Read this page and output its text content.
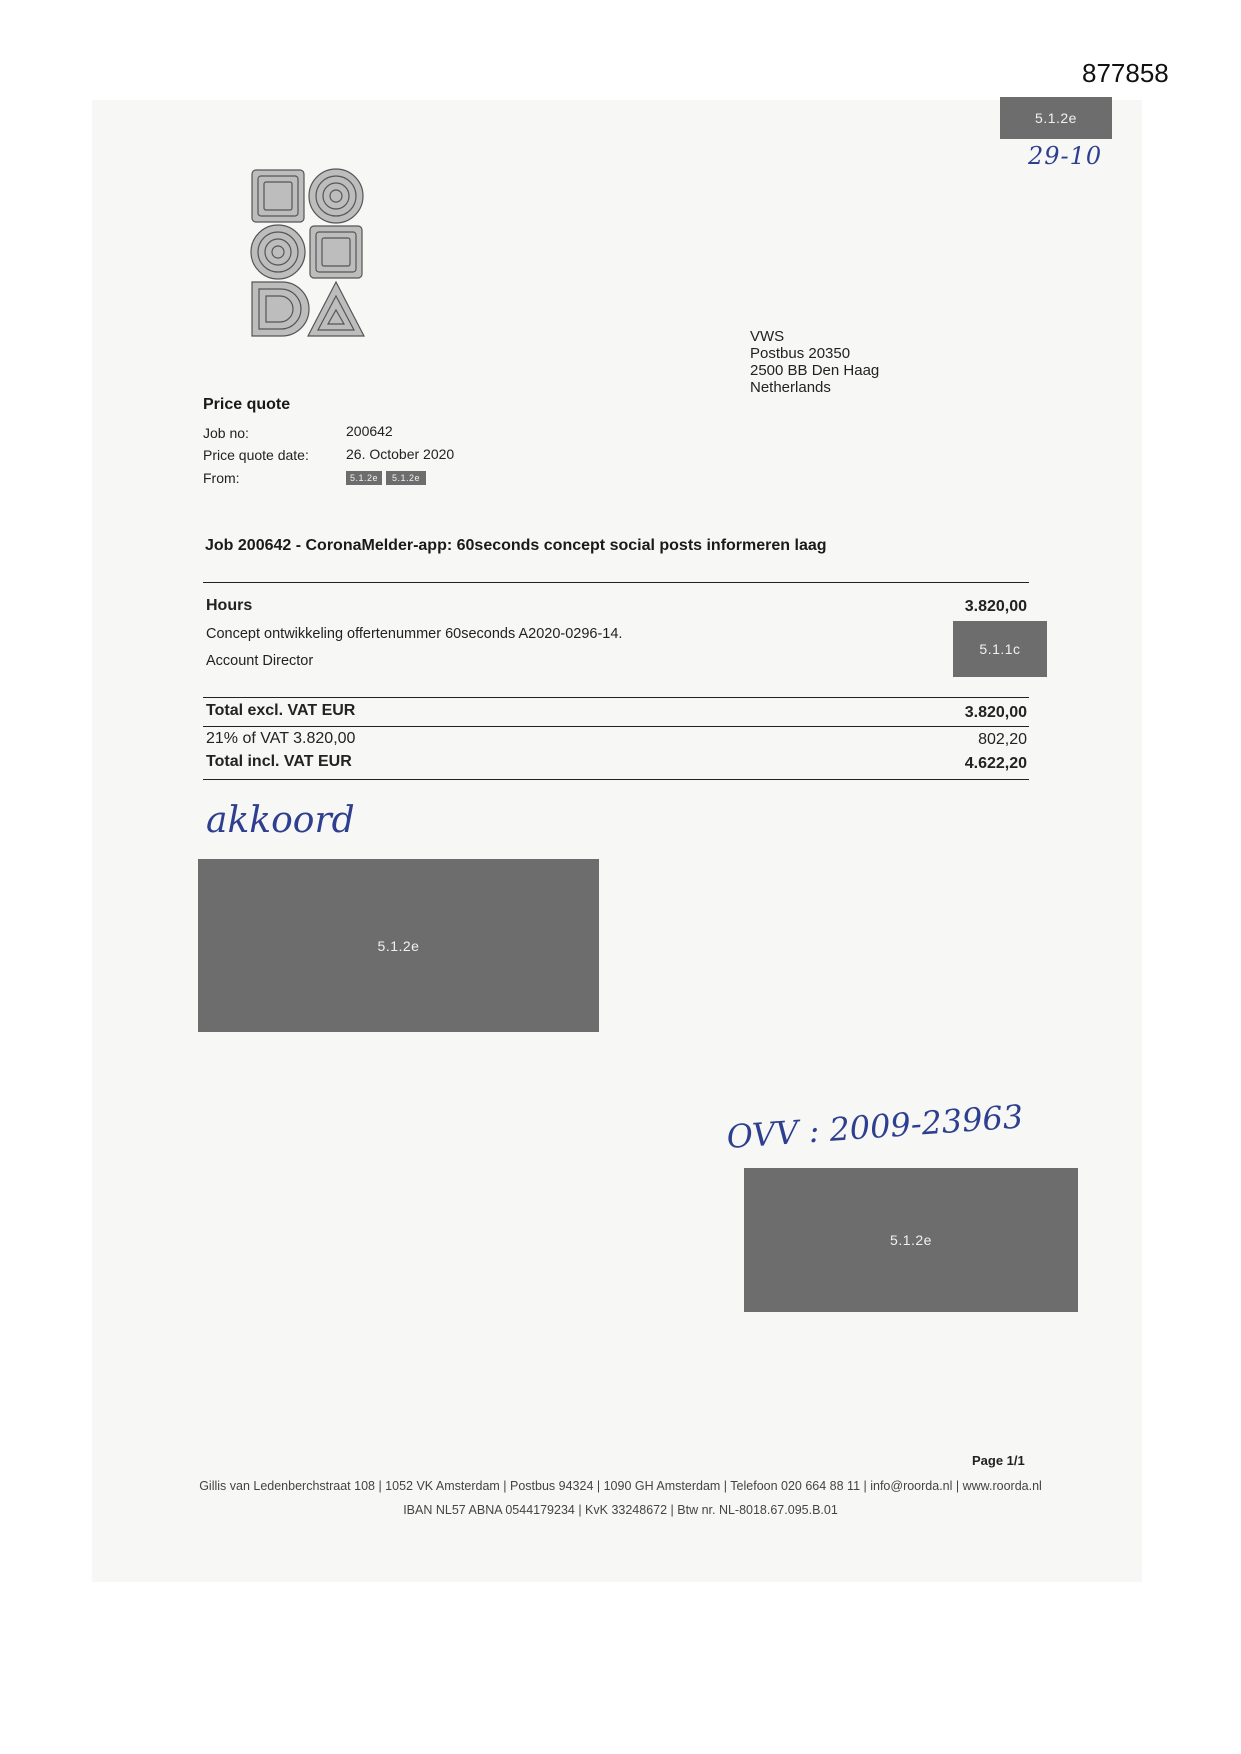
877858
5.1.2e
29-10
VWS
Postbus 20350
2500 BB Den Haag
Netherlands
Price quote
Job no:	200642
Price quote date:	26. October 2020
From:	5.1.2e	5.1.2e
Job 200642 - CoronaMelder-app: 60seconds concept social posts informeren laag
Hours	3.820,00
Concept ontwikkeling offertenummer 60seconds A2020-0296-14.
Account Director
5.1.1c
Total excl. VAT EUR	3.820,00
21% of VAT 3.820,00	802,20
Total incl. VAT EUR	4.622,20
akkoord
5.1.2e
OVV : 2009-23963
5.1.2e
Page 1/1
Gillis van Ledenberchstraat 108 | 1052 VK Amsterdam | Postbus 94324 | 1090 GH Amsterdam | Telefoon 020 664 88 11 | info@roorda.nl | www.roorda.nl
IBAN NL57 ABNA 0544179234 | KvK 33248672 | Btw nr. NL-8018.67.095.B.01
